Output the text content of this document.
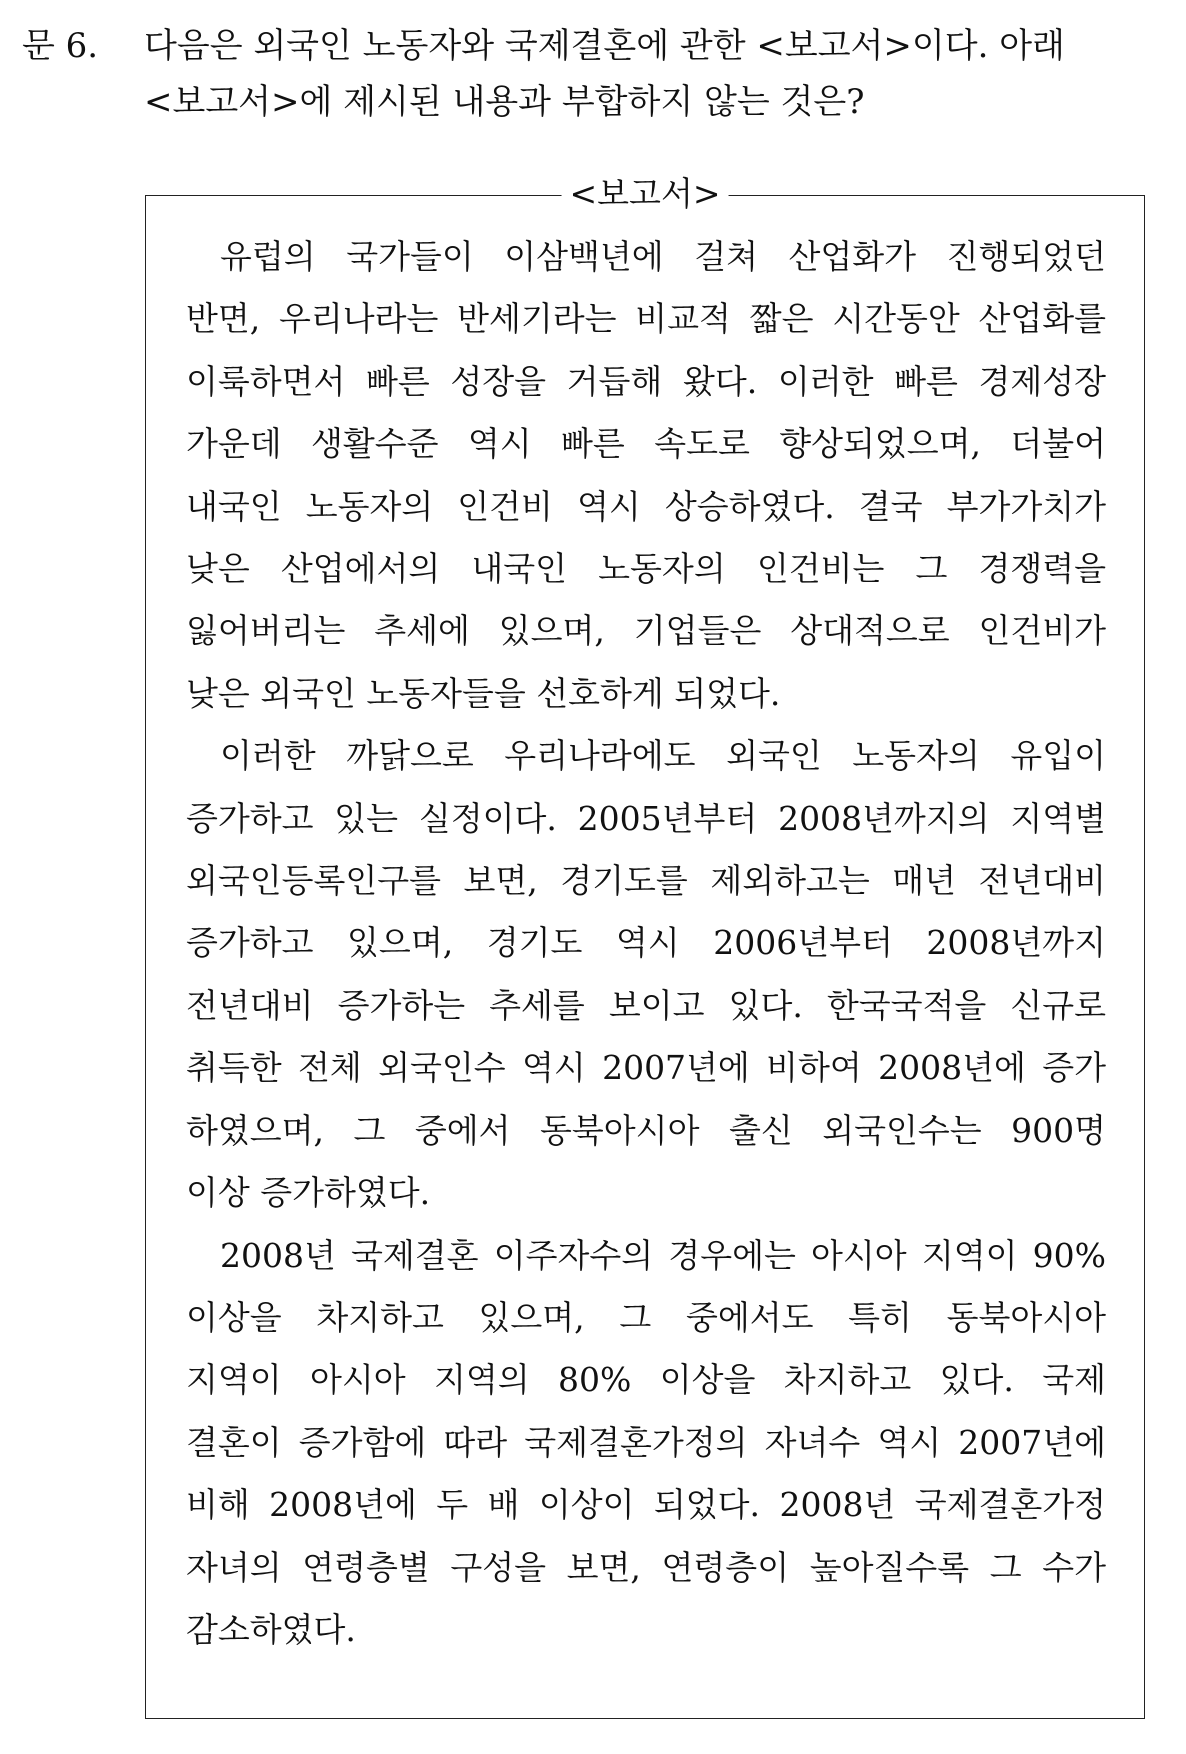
문 6. 다음은 외국인 노동자와 국제결혼에 관한 <보고서>이다. 아래
<보고서>에 제시된 내용과 부합하지 않는 것은?
<보고서>
유럽의 국가들이 이삼백년에 걸쳐 산업화가 진행되었던
반면, 우리나라는 반세기라는 비교적 짧은 시간동안 산업화를
이룩하면서 빠른 성장을 거듭해 왔다. 이러한 빠른 경제성장
가운데 생활수준 역시 빠른 속도로 향상되었으며, 더불어
내국인 노동자의 인건비 역시 상승하였다. 결국 부가가치가
낮은 산업에서의 내국인 노동자의 인건비는 그 경쟁력을
잃어버리는 추세에 있으며, 기업들은 상대적으로 인건비가
낮은 외국인 노동자들을 선호하게 되었다.
이러한 까닭으로 우리나라에도 외국인 노동자의 유입이
증가하고 있는 실정이다. 2005년부터 2008년까지의 지역별
외국인등록인구를 보면, 경기도를 제외하고는 매년 전년대비
증가하고 있으며, 경기도 역시 2006년부터 2008년까지
전년대비 증가하는 추세를 보이고 있다. 한국국적을 신규로
취득한 전체 외국인수 역시 2007년에 비하여 2008년에 증가
하였으며, 그 중에서 동북아시아 출신 외국인수는 900명
이상 증가하였다.
2008년 국제결혼 이주자수의 경우에는 아시아 지역이 90%
이상을 차지하고 있으며, 그 중에서도 특히 동북아시아
지역이 아시아 지역의 80% 이상을 차지하고 있다. 국제
결혼이 증가함에 따라 국제결혼가정의 자녀수 역시 2007년에
비해 2008년에 두 배 이상이 되었다. 2008년 국제결혼가정
자녀의 연령층별 구성을 보면, 연령층이 높아질수록 그 수가
감소하였다.
